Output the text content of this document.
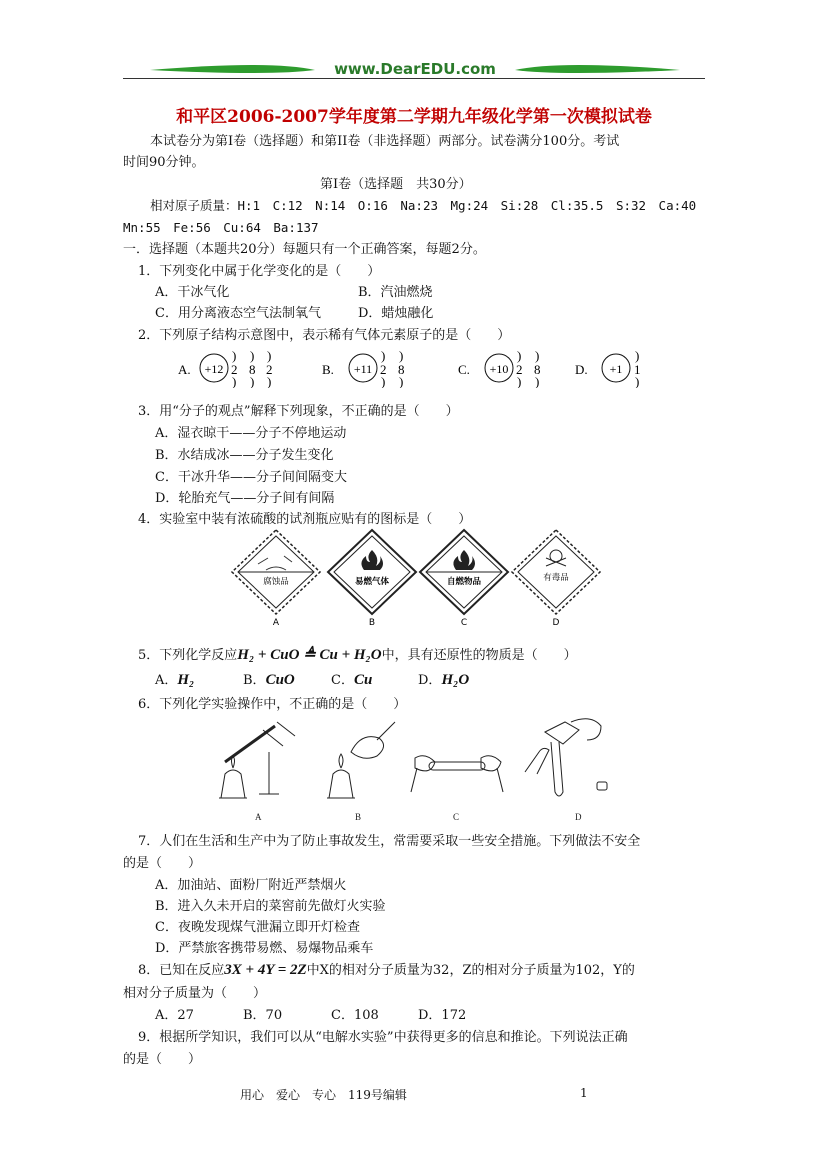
www.DearEDU.com
和平区2006-2007学年度第二学期九年级化学第一次模拟试卷
本试卷分为第Ⅰ卷（选择题）和第II卷（非选择题）两部分。试卷满分100分。考试
时间90分钟。
第Ⅰ卷（选择题　共30分）
相对原子质量：H:1　C:12　N:14　O:16　Na:23　Mg:24　Si:28　Cl:35.5　S:32　Ca:40
Mn:55　Fe:56　Cu:64　Ba:137
一．选择题（本题共20分）每题只有一个正确答案，每题2分。
1．下列变化中属于化学变化的是（　　）
A．干冰气化	B．汽油燃烧
C．用分离液态空气法制氧气	D．蜡烛融化
2．下列原子结构示意图中，表示稀有气体元素原子的是（　　）
A. +12
)
)
2
)
)
8
)
)
2	B. +11
)
)
2
)
)
8	C. +10
)
)
2
)
)
8	D. +1
)
)
1
3．用“分子的观点”解释下列现象，不正确的是（　　）
A．湿衣晾干——分子不停地运动
B．水结成冰——分子发生变化
C．干冰升华——分子间间隔变大
D．轮胎充气——分子间有间隔
4．实验室中装有浓硫酸的试剂瓶应贴有的图标是（　　）
腐蚀品
A
易燃气体
B
自燃物品
C
有毒品
D
5．下列化学反应H₂ + CuO ≜ Cu + H₂O中，具有还原性的物质是（　　）
A．H₂	B．CuO	C．Cu	D．H₂O
6．下列化学实验操作中，不正确的是（　　）
A	B	C	D
7．人们在生活和生产中为了防止事故发生，常需要采取一些安全措施。下列做法不安全
的是（　　）
A．加油站、面粉厂附近严禁烟火
B．进入久未开启的菜窖前先做灯火实验
C．夜晚发现煤气泄漏立即开灯检查
D．严禁旅客携带易燃、易爆物品乘车
8．已知在反应3X + 4Y = 2Z中X的相对分子质量为32，Z的相对分子质量为102，Y的
相对分子质量为（　　）
A．27	B．70	C．108	D．172
9．根据所学知识，我们可以从“电解水实验”中获得更多的信息和推论。下列说法正确
的是（　　）
用心　爱心　专心　119号编辑	1
